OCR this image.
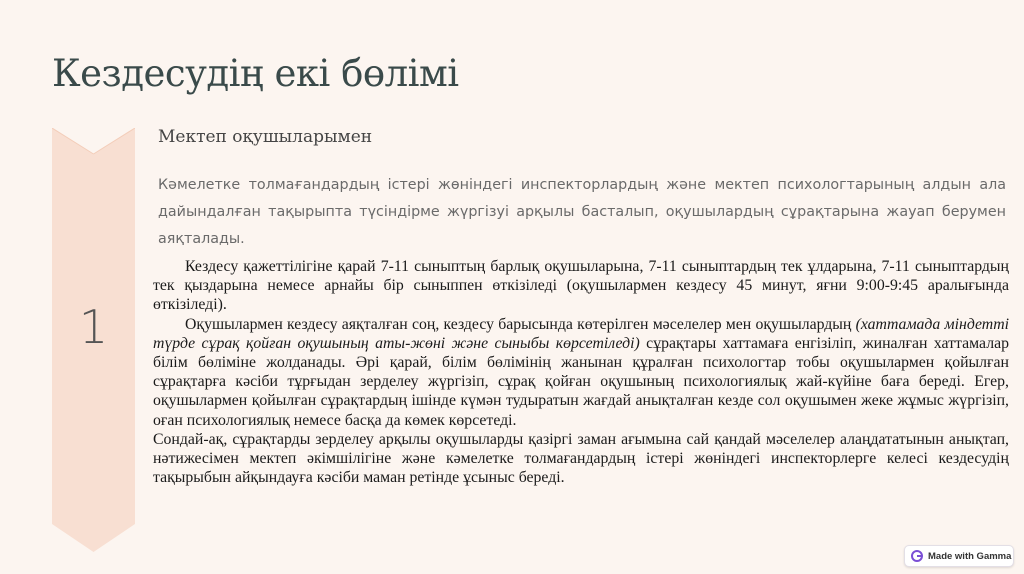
Кездесудің екі бөлімі

1

Мектеп оқушыларымен

Кәмелетке толмағандардың істері жөніндегі инспекторлардың және мектеп психологтарының алдын ала дайындалған тақырыпта түсіндірме жүргізуі арқылы басталып, оқушылардың сұрақтарына жауап берумен аяқталады.

Кездесу қажеттілігіне қарай 7-11 сыныптың барлық оқушыларына, 7-11 сыныптардың тек ұлдарына, 7-11 сыныптардың тек қыздарына немесе арнайы бір сыныппен өткізіледі (оқушылармен кездесу 45 минут, яғни 9:00-9:45 аралығында өткізіледі).

Оқушылармен кездесу аяқталған соң, кездесу барысында көтерілген мәселелер мен оқушылардың (хаттамада міндетті түрде сұрақ қойған оқушының аты-жөні және сыныбы көрсетіледі) сұрақтары хаттамаға енгізіліп, жиналған хаттамалар білім бөліміне жолданады. Әрі қарай, білім бөлімінің жанынан құралған психологтар тобы оқушылармен қойылған сұрақтарға кәсіби тұрғыдан зерделеу жүргізіп, сұрақ қойған оқушының психологиялық жай-күйіне баға береді. Егер, оқушылармен қойылған сұрақтардың ішінде күмән тудыратын жағдай анықталған кезде сол оқушымен жеке жұмыс жүргізіп, оған психологиялық немесе басқа да көмек көрсетеді.

Сондай-ақ, сұрақтарды зерделеу арқылы оқушыларды қазіргі заман ағымына сай қандай мәселелер алаңдататынын анықтап, нәтижесімен мектеп әкімшілігіне және кәмелетке толмағандардың істері жөніндегі инспекторлерге келесі кездесудің тақырыбын айқындауға кәсіби маман ретінде ұсыныс береді.

Made with Gamma
